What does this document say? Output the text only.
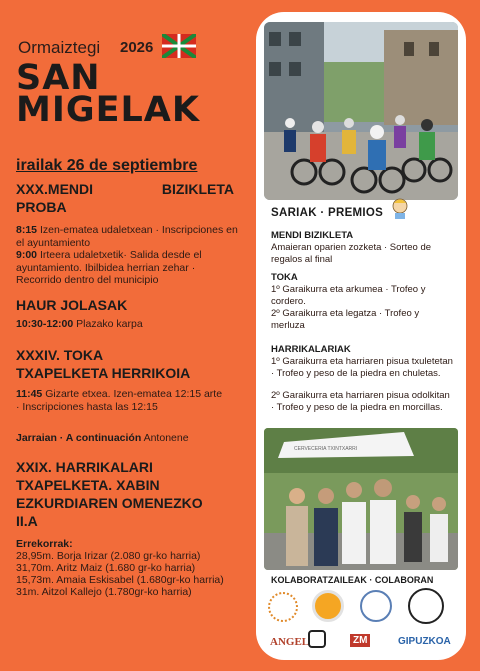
Ormaiztegi 2026
SAN
MIGELAK
irailak 26 de septiembre
XXX.MENDI	BIZIKLETA
PROBA
8:15 Izen-ematea udaletxean · Inscripciones en el ayuntamiento
9:00 Irteera udaletxetik· Salida desde el ayuntamiento. Ibilbidea herrian zehar · Recorrido dentro del municipio
HAUR JOLASAK
10:30-12:00 Plazako karpa
XXXIV. TOKA
TXAPELKETA HERRIKOIA
11:45 Gizarte etxea. Izen-ematea 12:15 arte · Inscripciones hasta las 12:15
Jarraian · A continuación Antonene
XXIX. HARRIKALARI
TXAPELKETA. XABIN
EZKURDIAREN OMENEZKO
II.A
Errekorrak:
28,95m. Borja Irizar (2.080 gr-ko harria)
31,70m. Aritz Maiz (1.680 gr-ko harria)
15,73m. Amaia Eskisabel (1.680gr-ko harria)
31m. Aitzol Kallejo (1.780gr-ko harria)
SARIAK · PREMIOS
MENDI BIZIKLETA
Amaieran oparien zozketa · Sorteo de regalos al final
TOKA
1º Garaikurra eta arkumea · Trofeo y cordero.
2º Garaikurra eta legatza · Trofeo y merluza
HARRIKALARIAK
1º Garaikurra eta harriaren pisua txuletetan · Trofeo y peso de la piedra en chuletas.
2º Garaikurra eta harriaren pisua odolkitan · Trofeo y peso de la piedra en morcillas.
CERVECERIA TXINTXARRI
KOLABORATZAILEAK · COLABORAN
ANGEL	ZM	GIPUZKOA
